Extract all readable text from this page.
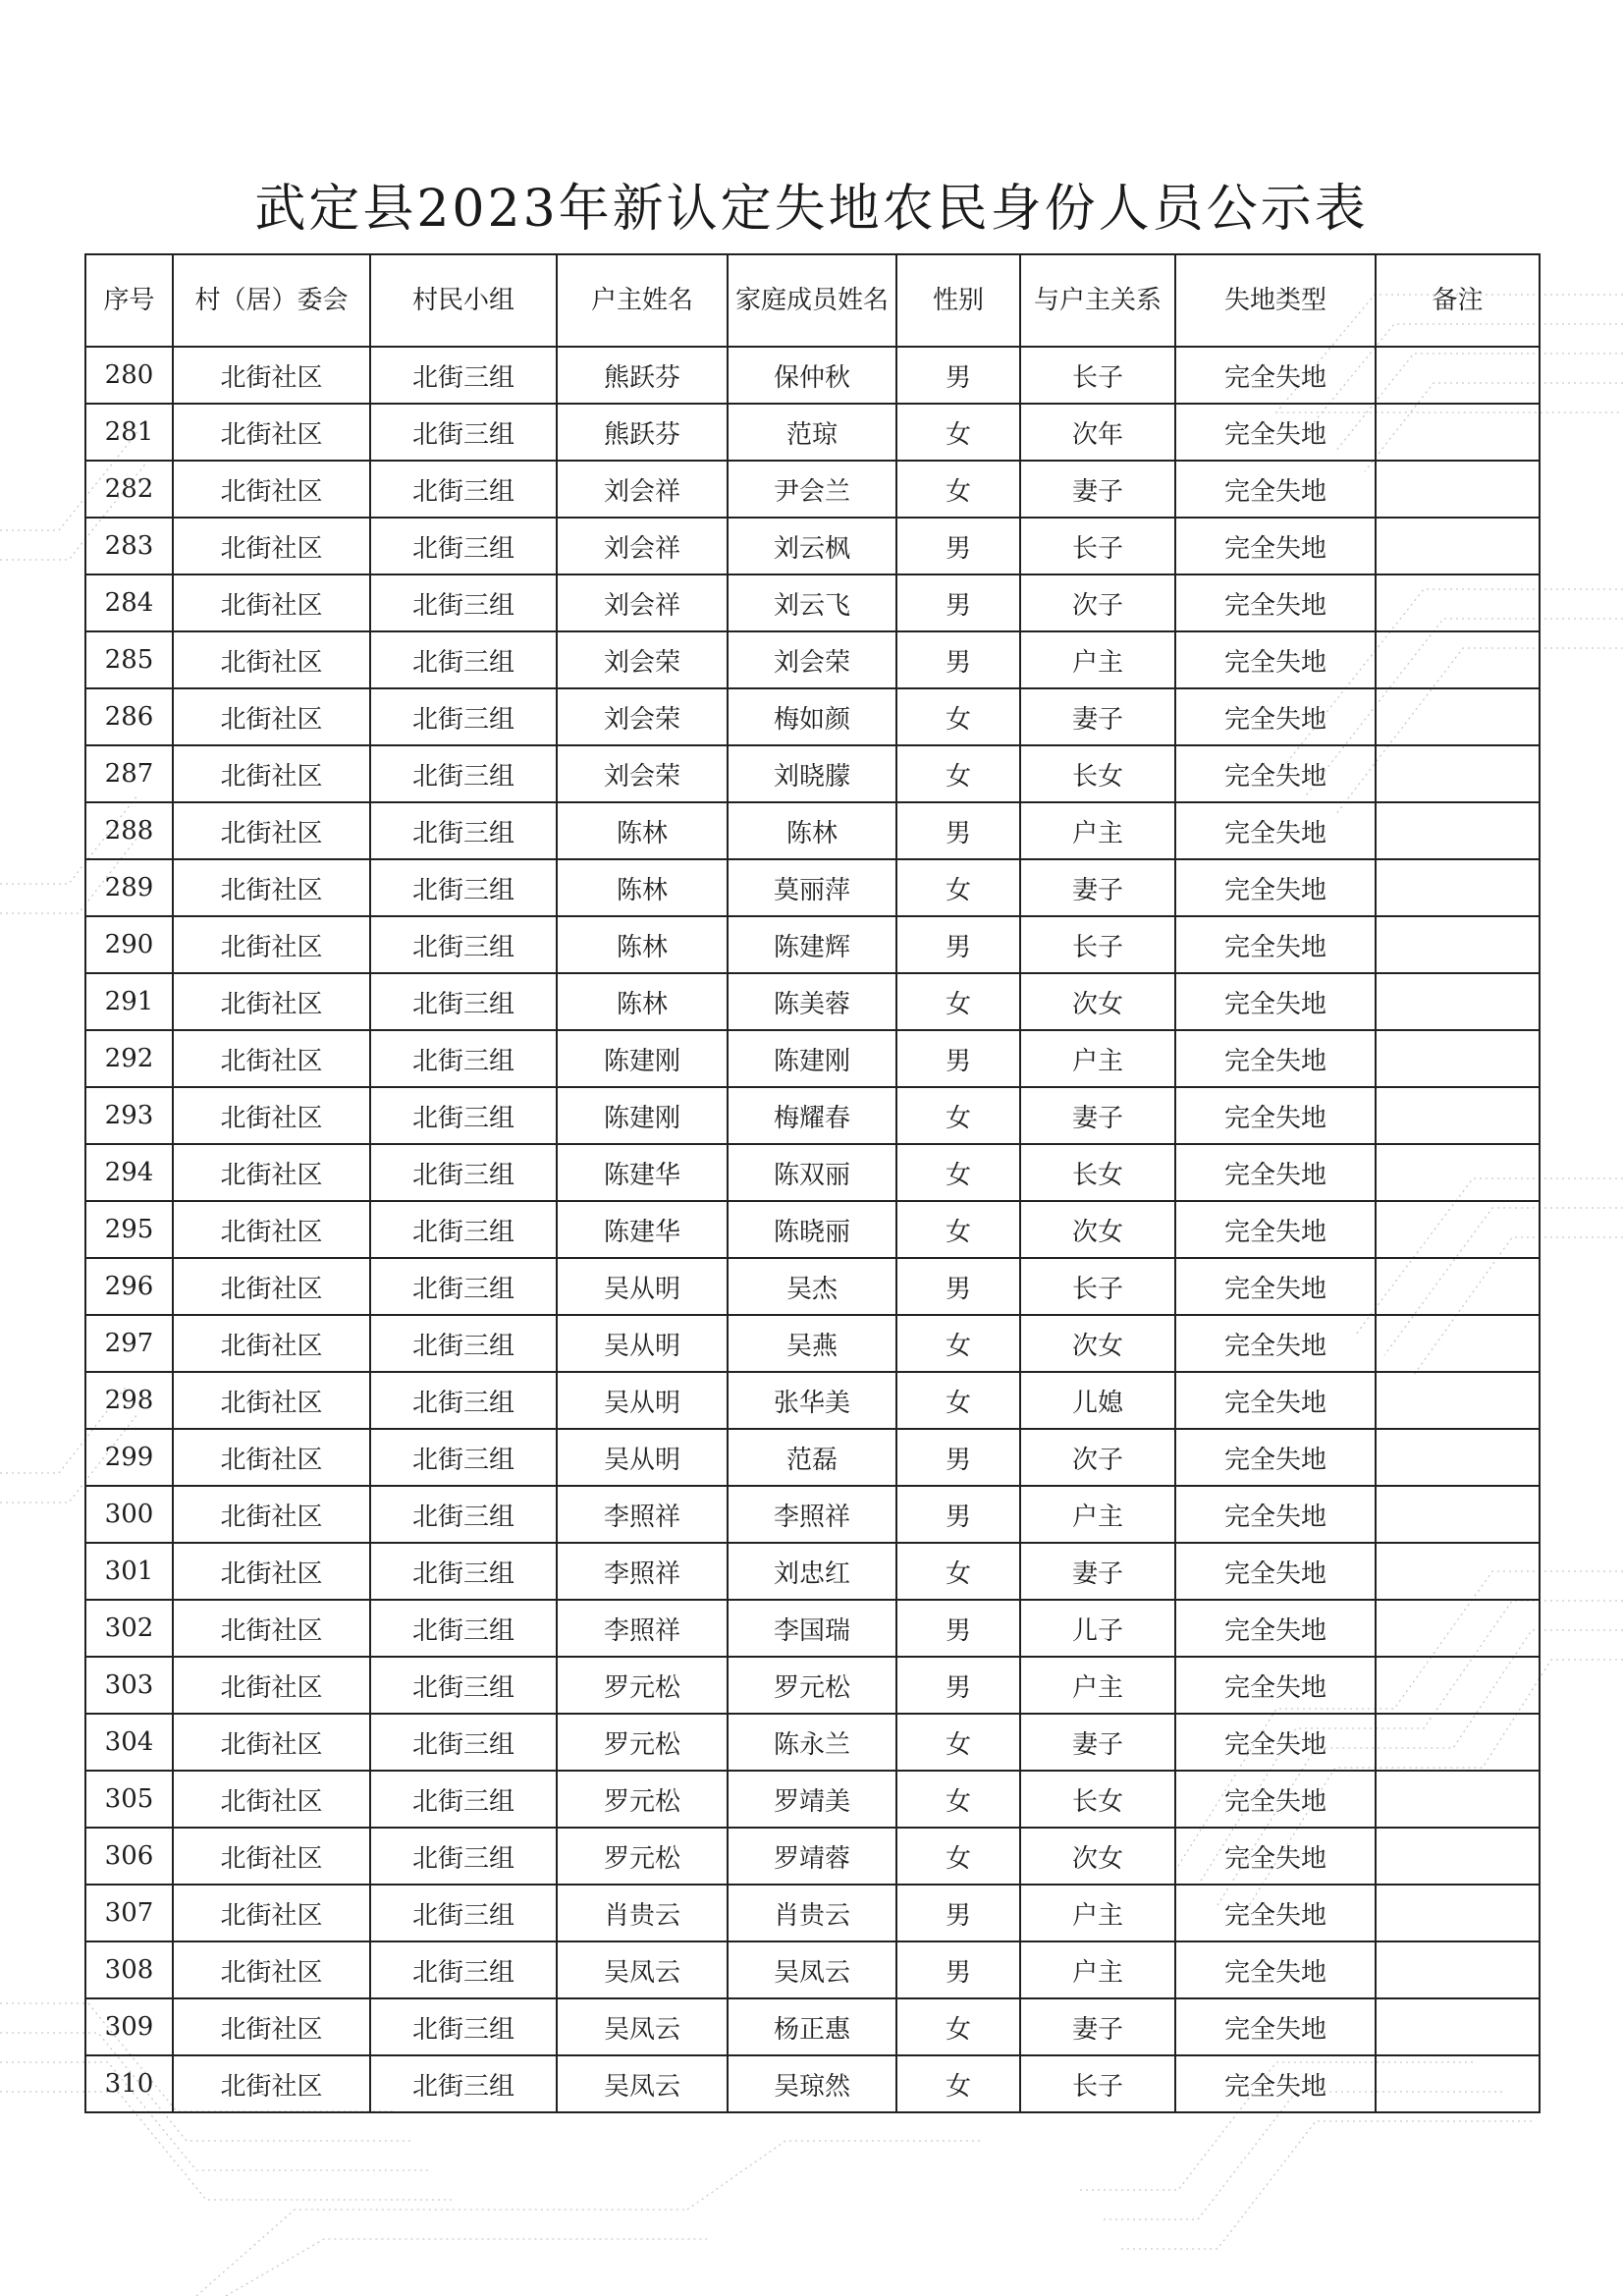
武定县2023年新认定失地农民身份人员公示表
序号	村（居）委会	村民小组	户主姓名	家庭成员姓名	性别	与户主关系	失地类型	备注
280	北街社区	北街三组	熊跃芬	保仲秋	男	长子	完全失地	
281	北街社区	北街三组	熊跃芬	范琼	女	次年	完全失地	
282	北街社区	北街三组	刘会祥	尹会兰	女	妻子	完全失地	
283	北街社区	北街三组	刘会祥	刘云枫	男	长子	完全失地	
284	北街社区	北街三组	刘会祥	刘云飞	男	次子	完全失地	
285	北街社区	北街三组	刘会荣	刘会荣	男	户主	完全失地	
286	北街社区	北街三组	刘会荣	梅如颜	女	妻子	完全失地	
287	北街社区	北街三组	刘会荣	刘晓朦	女	长女	完全失地	
288	北街社区	北街三组	陈林	陈林	男	户主	完全失地	
289	北街社区	北街三组	陈林	莫丽萍	女	妻子	完全失地	
290	北街社区	北街三组	陈林	陈建辉	男	长子	完全失地	
291	北街社区	北街三组	陈林	陈美蓉	女	次女	完全失地	
292	北街社区	北街三组	陈建刚	陈建刚	男	户主	完全失地	
293	北街社区	北街三组	陈建刚	梅耀春	女	妻子	完全失地	
294	北街社区	北街三组	陈建华	陈双丽	女	长女	完全失地	
295	北街社区	北街三组	陈建华	陈晓丽	女	次女	完全失地	
296	北街社区	北街三组	吴从明	吴杰	男	长子	完全失地	
297	北街社区	北街三组	吴从明	吴燕	女	次女	完全失地	
298	北街社区	北街三组	吴从明	张华美	女	儿媳	完全失地	
299	北街社区	北街三组	吴从明	范磊	男	次子	完全失地	
300	北街社区	北街三组	李照祥	李照祥	男	户主	完全失地	
301	北街社区	北街三组	李照祥	刘忠红	女	妻子	完全失地	
302	北街社区	北街三组	李照祥	李国瑞	男	儿子	完全失地	
303	北街社区	北街三组	罗元松	罗元松	男	户主	完全失地	
304	北街社区	北街三组	罗元松	陈永兰	女	妻子	完全失地	
305	北街社区	北街三组	罗元松	罗靖美	女	长女	完全失地	
306	北街社区	北街三组	罗元松	罗靖蓉	女	次女	完全失地	
307	北街社区	北街三组	肖贵云	肖贵云	男	户主	完全失地	
308	北街社区	北街三组	吴凤云	吴凤云	男	户主	完全失地	
309	北街社区	北街三组	吴凤云	杨正惠	女	妻子	完全失地	
310	北街社区	北街三组	吴凤云	吴琼然	女	长子	完全失地	
